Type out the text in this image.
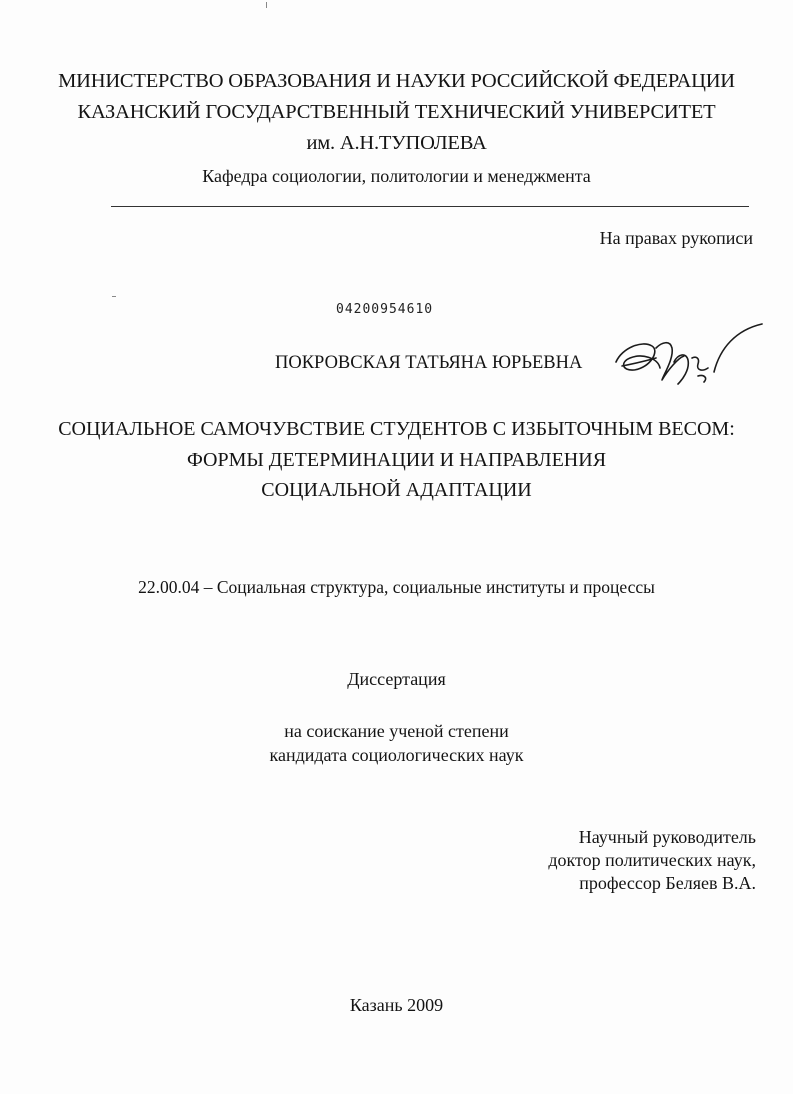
МИНИСТЕРСТВО ОБРАЗОВАНИЯ И НАУКИ РОССИЙСКОЙ ФЕДЕРАЦИИ
КАЗАНСКИЙ ГОСУДАРСТВЕННЫЙ ТЕХНИЧЕСКИЙ УНИВЕРСИТЕТ
им. А.Н.ТУПОЛЕВА
Кафедра социологии, политологии и менеджмента
На правах рукописи
04200954610
ПОКРОВСКАЯ ТАТЬЯНА ЮРЬЕВНА
СОЦИАЛЬНОЕ САМОЧУВСТВИЕ СТУДЕНТОВ С ИЗБЫТОЧНЫМ ВЕСОМ:
ФОРМЫ ДЕТЕРМИНАЦИИ И НАПРАВЛЕНИЯ
СОЦИАЛЬНОЙ АДАПТАЦИИ
22.00.04 – Социальная структура, социальные институты и процессы
Диссертация
на соискание ученой степени
кандидата социологических наук
Научный руководитель
доктор политических наук,
профессор Беляев В.А.
Казань 2009
